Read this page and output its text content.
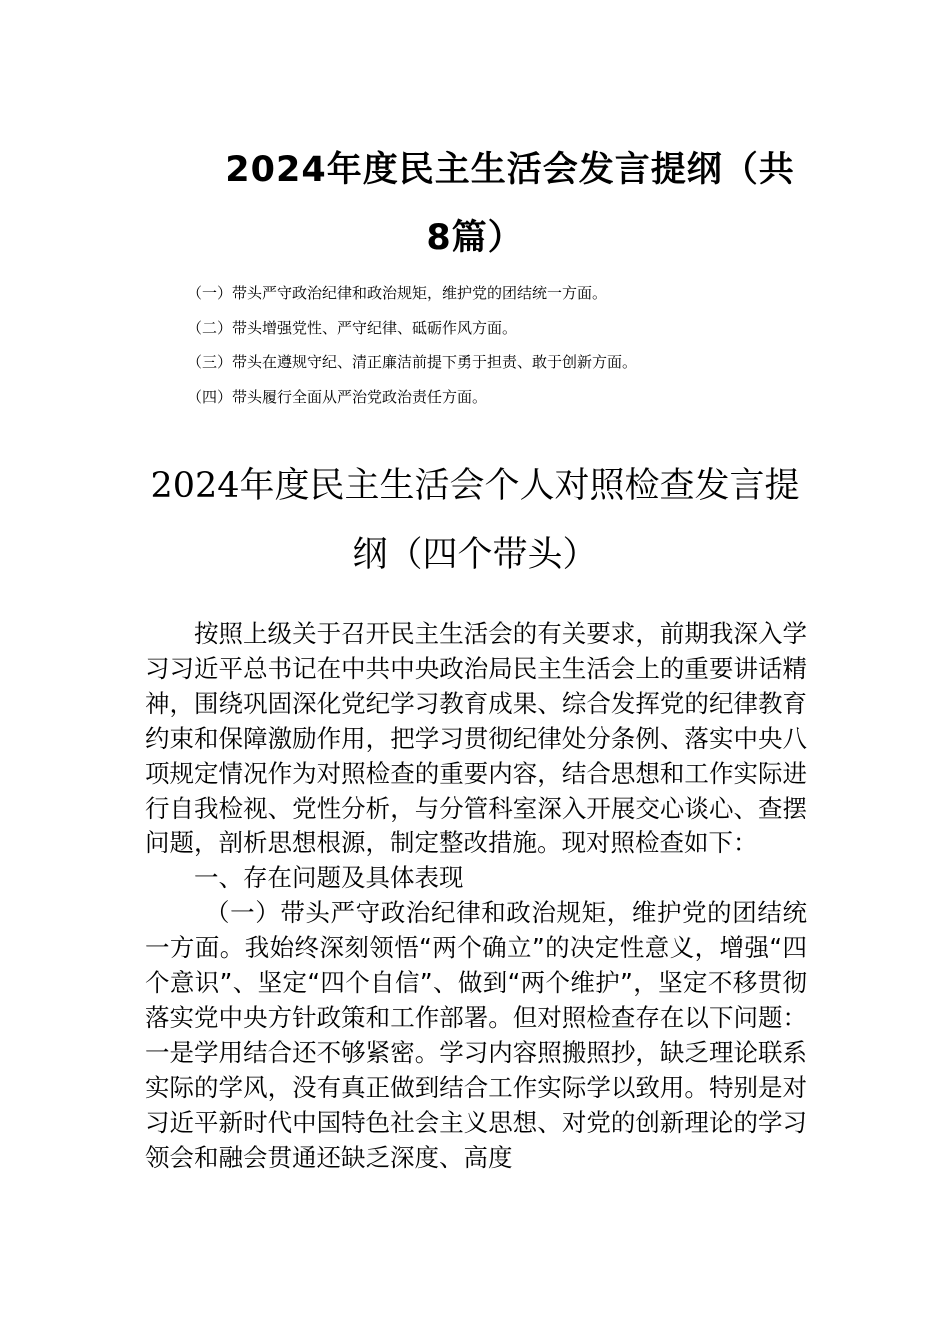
2024年度民主生活会发言提纲（共
8篇）
（一）带头严守政治纪律和政治规矩，维护党的团结统一方面。
（二）带头增强党性、严守纪律、砥砺作风方面。
（三）带头在遵规守纪、清正廉洁前提下勇于担责、敢于创新方面。
（四）带头履行全面从严治党政治责任方面。
2024年度民主生活会个人对照检查发言提
纲（四个带头）

按照上级关于召开民主生活会的有关要求，前期我深入学习习近平总书记在中共中央政治局民主生活会上的重要讲话精神，围绕巩固深化党纪学习教育成果、综合发挥党的纪律教育约束和保障激励作用，把学习贯彻纪律处分条例、落实中央八项规定情况作为对照检查的重要内容，结合思想和工作实际进行自我检视、党性分析，与分管科室深入开展交心谈心、查摆问题，剖析思想根源，制定整改措施。现对照检查如下：

一、存在问题及具体表现

（一）带头严守政治纪律和政治规矩，维护党的团结统一方面。我始终深刻领悟“两个确立”的决定性意义，增强“四个意识”、坚定“四个自信”、做到“两个维护”，坚定不移贯彻落实党中央方针政策和工作部署。但对照检查存在以下问题：一是学用结合还不够紧密。学习内容照搬照抄，缺乏理论联系实际的学风，没有真正做到结合工作实际学以致用。特别是对习近平新时代中国特色社会主义思想、对党的创新理论的学习领会和融会贯通还缺乏深度、高度
